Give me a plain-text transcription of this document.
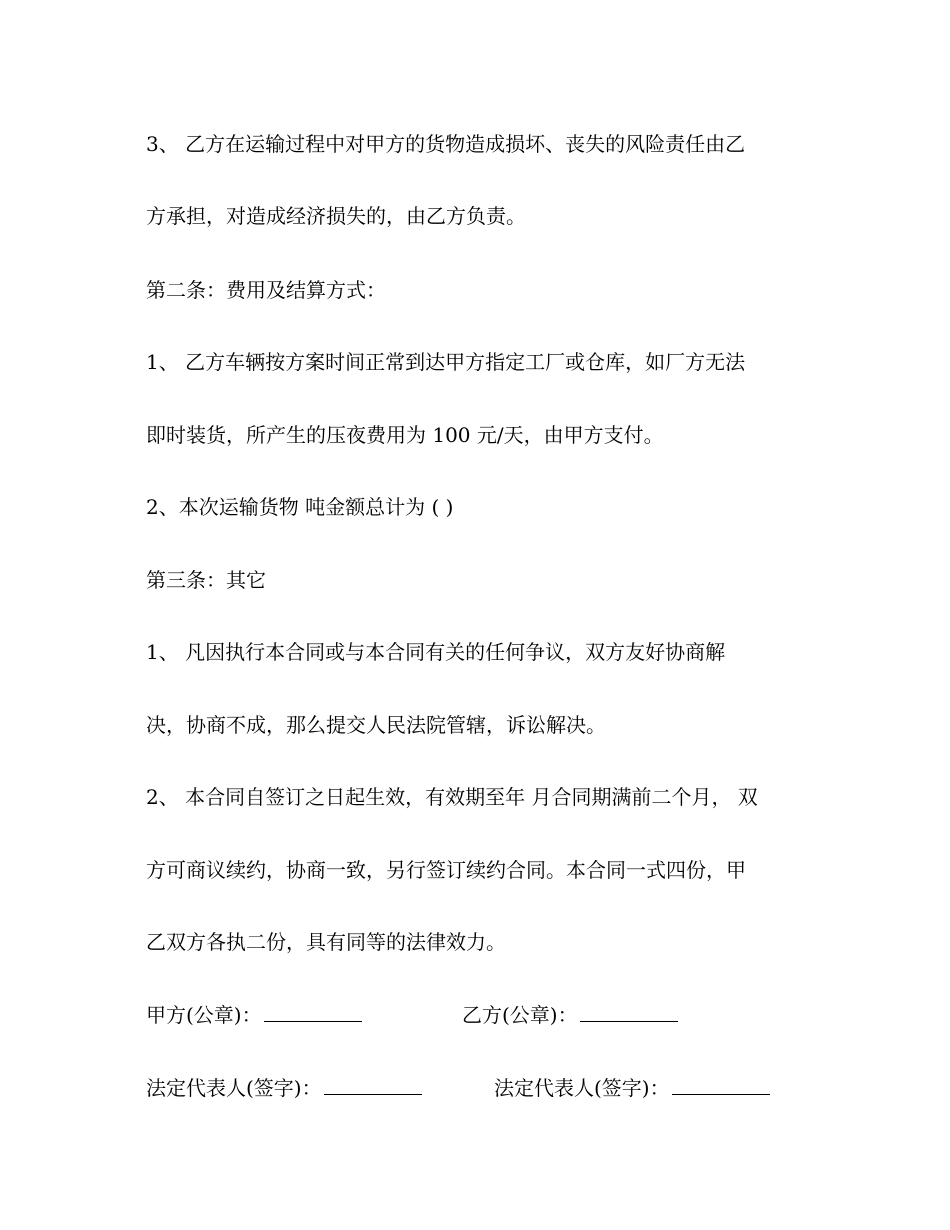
3、 乙方在运输过程中对甲方的货物造成损坏、丧失的风险责任由乙
方承担，对造成经济损失的，由乙方负责。
第二条：费用及结算方式：
1、 乙方车辆按方案时间正常到达甲方指定工厂或仓库，如厂方无法
即时装货，所产生的压夜费用为 100 元/天，由甲方支付。
2、本次运输货物 吨金额总计为 ( )
第三条：其它
1、 凡因执行本合同或与本合同有关的任何争议，双方友好协商解
决，协商不成，那么提交人民法院管辖，诉讼解决。
2、 本合同自签订之日起生效，有效期至年 月合同期满前二个月， 双
方可商议续约，协商一致，另行签订续约合同。本合同一式四份，甲
乙双方各执二份，具有同等的法律效力。
甲方(公章)：	乙方(公章)：
法定代表人(签字)：	法定代表人(签字)：
